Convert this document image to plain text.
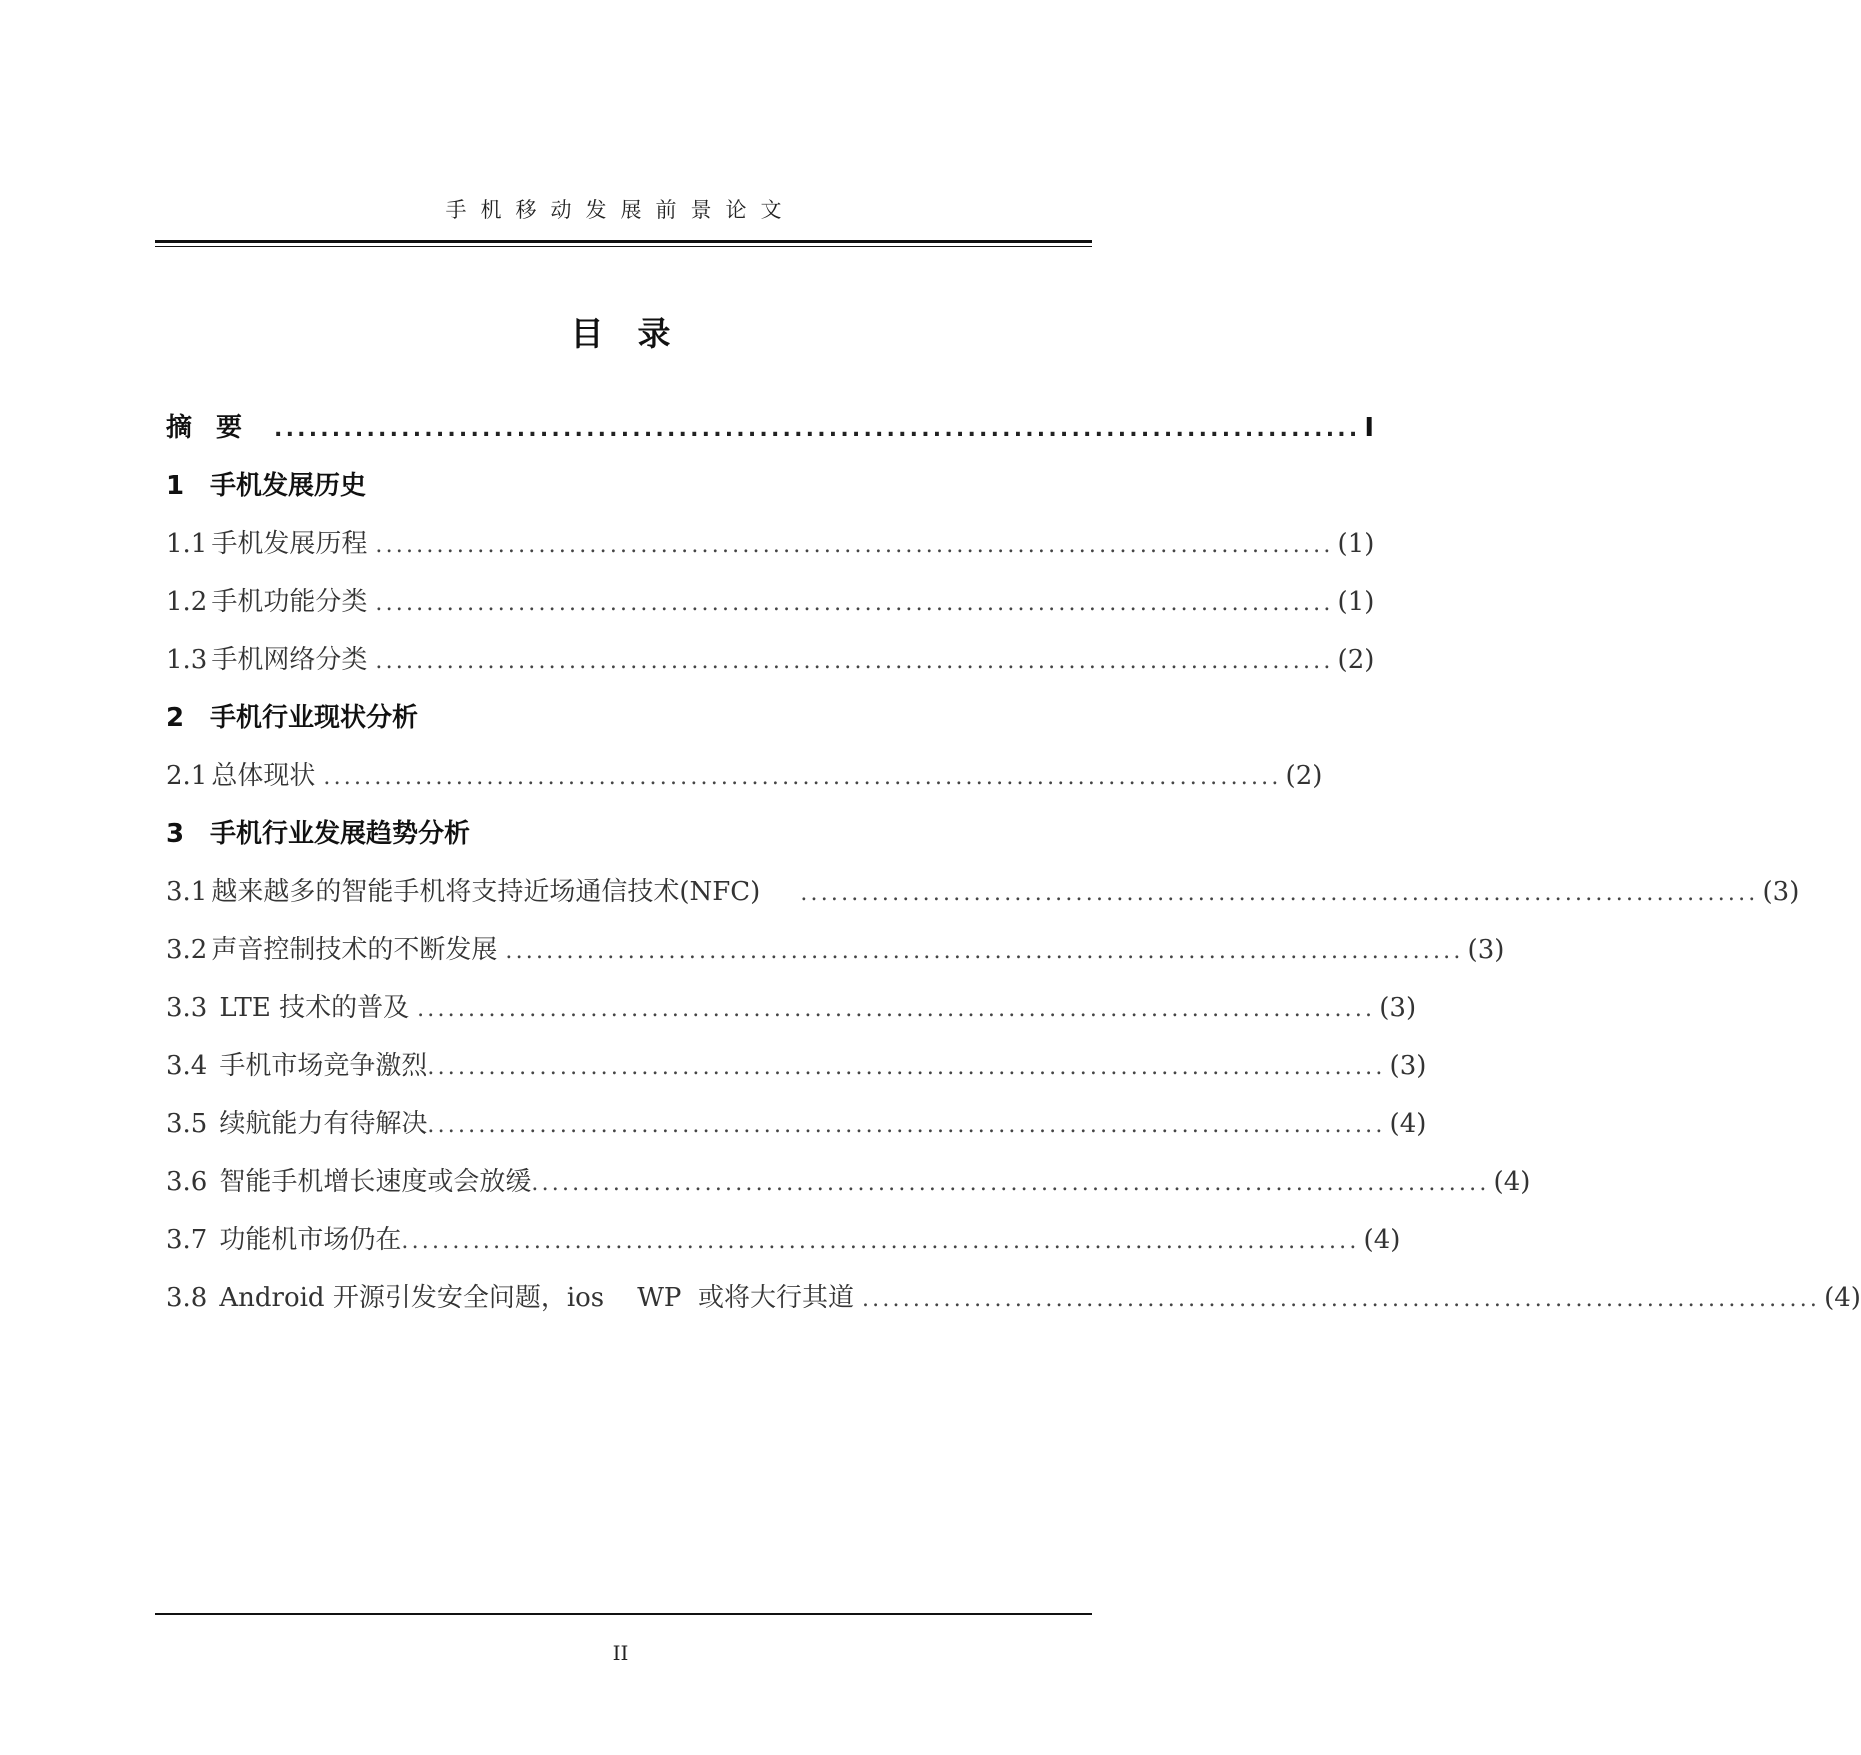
手机移动发展前景论文
目录
摘要 .............................................................................................. I
1 手机发展历史
1.1 手机发展历程 .............................................................................................. (1)
1.2 手机功能分类 .............................................................................................. (1)
1.3 手机网络分类 .............................................................................................. (2)
2 手机行业现状分析
2.1 总体现状 .............................................................................................. (2)
3 手机行业发展趋势分析
3.1 越来越多的智能手机将支持近场通信技术(NFC) .............................................................................................. (3)
3.2 声音控制技术的不断发展 .............................................................................................. (3)
3.3 LTE 技术的普及 .............................................................................................. (3)
3.4 手机市场竞争激烈 .............................................................................................. (3)
3.5 续航能力有待解决 .............................................................................................. (4)
3.6 智能手机增长速度或会放缓 .............................................................................................. (4)
3.7 功能机市场仍在 .............................................................................................. (4)
3.8 Android 开源引发安全问题，ios    WP  或将大行其道 .............................................................................................. (4)
II
